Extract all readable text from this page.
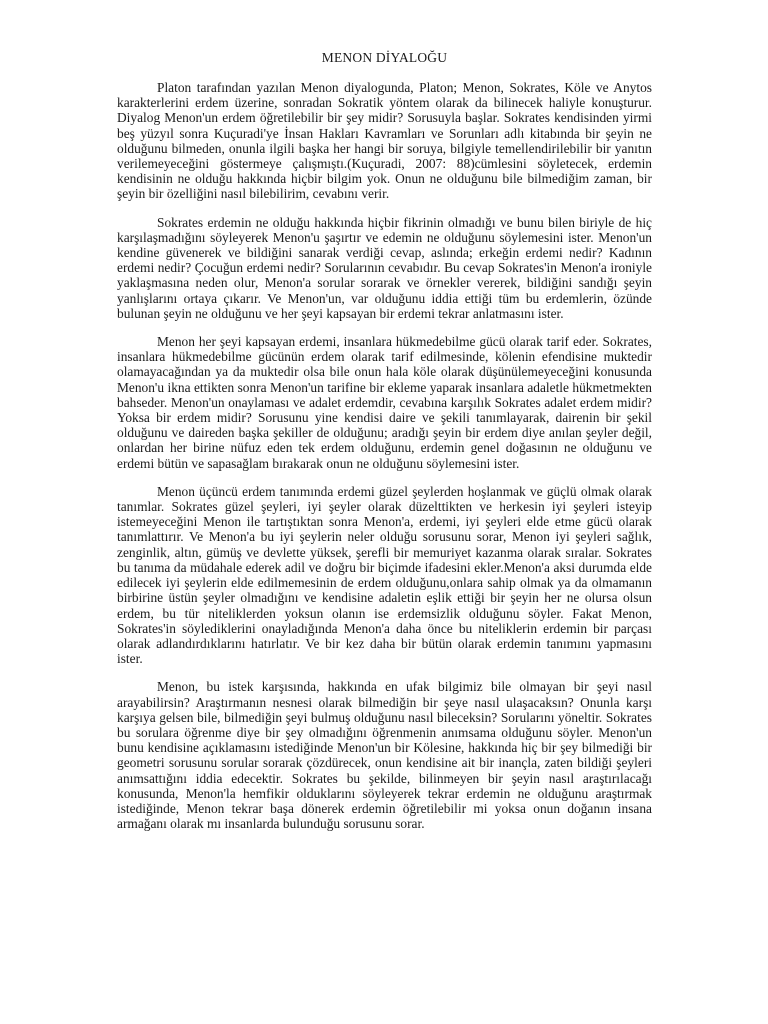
MENON DİYALOĞU

Platon tarafından yazılan Menon diyalogunda, Platon; Menon, Sokrates, Köle ve Anytos karakterlerini erdem üzerine, sonradan Sokratik yöntem olarak da bilinecek haliyle konuşturur. Diyalog Menon'un erdem öğretilebilir bir şey midir? Sorusuyla başlar. Sokrates kendisinden yirmi beş yüzyıl sonra Kuçuradi'ye İnsan Hakları Kavramları ve Sorunları adlı kitabında bir şeyin ne olduğunu bilmeden, onunla ilgili başka her hangi bir soruya, bilgiyle temellendirilebilir bir yanıtın verilemeyeceğini göstermeye çalışmıştı.(Kuçuradi, 2007: 88)cümlesini söyletecek, erdemin kendisinin ne olduğu hakkında hiçbir bilgim yok. Onun ne olduğunu bile bilmediğim zaman, bir şeyin bir özelliğini nasıl bilebilirim, cevabını verir.

Sokrates erdemin ne olduğu hakkında hiçbir fikrinin olmadığı ve bunu bilen biriyle de hiç karşılaşmadığını söyleyerek Menon'u şaşırtır ve edemin ne olduğunu söylemesini ister. Menon'un kendine güvenerek ve bildiğini sanarak verdiği cevap, aslında; erkeğin erdemi nedir? Kadının erdemi nedir? Çocuğun erdemi nedir? Sorularının cevabıdır. Bu cevap Sokrates'in Menon'a ironiyle yaklaşmasına neden olur, Menon'a sorular sorarak ve örnekler vererek, bildiğini sandığı şeyin yanlışlarını ortaya çıkarır. Ve Menon'un, var olduğunu iddia ettiği tüm bu erdemlerin, özünde bulunan şeyin ne olduğunu ve her şeyi kapsayan bir erdemi tekrar anlatmasını ister.

Menon her şeyi kapsayan erdemi, insanlara hükmedebilme gücü olarak tarif eder. Sokrates, insanlara hükmedebilme gücünün erdem olarak tarif edilmesinde, kölenin efendisine muktedir olamayacağından ya da muktedir olsa bile onun hala köle olarak düşünülemeyeceğini konusunda Menon'u ikna ettikten sonra Menon'un tarifine bir ekleme yaparak insanlara adaletle hükmetmekten bahseder. Menon'un onaylaması ve adalet erdemdir, cevabına karşılık Sokrates adalet erdem midir? Yoksa bir erdem midir? Sorusunu yine kendisi daire ve şekili tanımlayarak, dairenin bir şekil olduğunu ve daireden başka şekiller de olduğunu; aradığı şeyin bir erdem diye anılan şeyler değil, onlardan her birine nüfuz eden tek erdem olduğunu, erdemin genel doğasının ne olduğunu ve erdemi bütün ve sapasağlam bırakarak onun ne olduğunu söylemesini ister.

Menon üçüncü erdem tanımında erdemi güzel şeylerden hoşlanmak ve güçlü olmak olarak tanımlar. Sokrates güzel şeyleri, iyi şeyler olarak düzelttikten ve herkesin iyi şeyleri isteyip istemeyeceğini Menon ile tartıştıktan sonra Menon'a, erdemi, iyi şeyleri elde etme gücü olarak tanımlattırır. Ve Menon'a bu iyi şeylerin neler olduğu sorusunu sorar, Menon iyi şeyleri sağlık, zenginlik, altın, gümüş ve devlette yüksek, şerefli bir memuriyet kazanma olarak sıralar. Sokrates bu tanıma da müdahale ederek adil ve doğru bir biçimde ifadesini ekler.Menon'a aksi durumda elde edilecek iyi şeylerin elde edilmemesinin de erdem olduğunu,onlara sahip olmak ya da olmamanın birbirine üstün şeyler olmadığını ve kendisine adaletin eşlik ettiği bir şeyin her ne olursa olsun erdem, bu tür niteliklerden yoksun olanın ise erdemsizlik olduğunu söyler. Fakat Menon, Sokrates'in söylediklerini onayladığında Menon'a daha önce bu niteliklerin erdemin bir parçası olarak adlandırdıklarını hatırlatır. Ve bir kez daha bir bütün olarak erdemin tanımını yapmasını ister.

Menon, bu istek karşısında, hakkında en ufak bilgimiz bile olmayan bir şeyi nasıl arayabilirsin? Araştırmanın nesnesi olarak bilmediğin bir şeye nasıl ulaşacaksın? Onunla karşı karşıya gelsen bile, bilmediğin şeyi bulmuş olduğunu nasıl bileceksin? Sorularını yöneltir. Sokrates bu sorulara öğrenme diye bir şey olmadığını öğrenmenin anımsama olduğunu söyler. Menon'un bunu kendisine açıklamasını istediğinde Menon'un bir Kölesine, hakkında hiç bir şey bilmediği bir geometri sorusunu sorular sorarak çözdürecek, onun kendisine ait bir inançla, zaten bildiği şeyleri anımsattığını iddia edecektir. Sokrates bu şekilde, bilinmeyen bir şeyin nasıl araştırılacağı konusunda, Menon'la hemfikir olduklarını söyleyerek tekrar erdemin ne olduğunu araştırmak istediğinde, Menon tekrar başa dönerek erdemin öğretilebilir mi yoksa onun doğanın insana armağanı olarak mı insanlarda bulunduğu sorusunu sorar.
